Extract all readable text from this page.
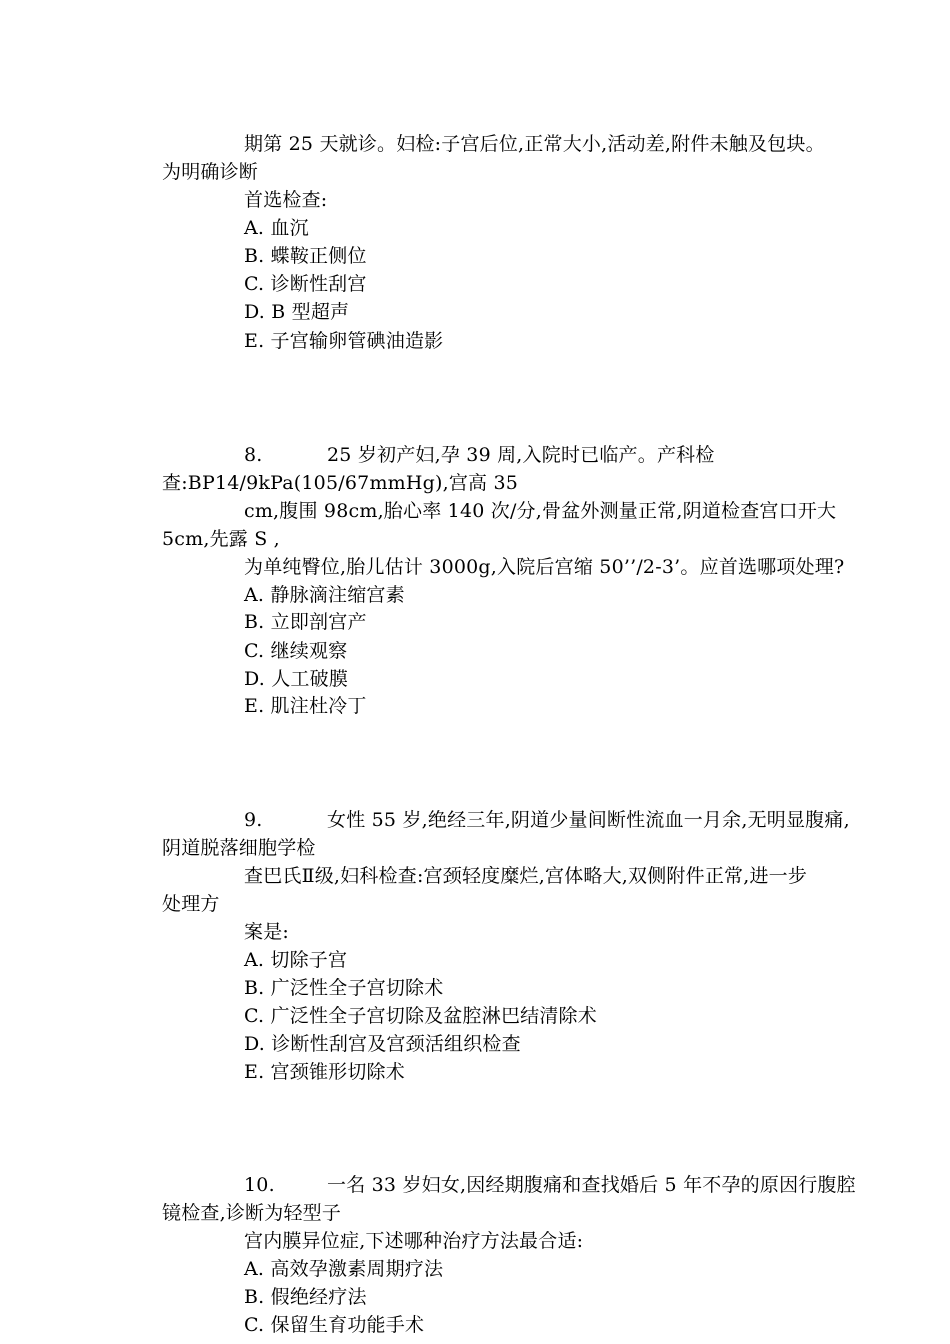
期第 25 天就诊。妇检:子宫后位,正常大小,活动差,附件未触及包块。
为明确诊断
首选检查:
A. 血沉
B. 蝶鞍正侧位
C. 诊断性刮宫
D. B 型超声
E. 子宫输卵管碘油造影
8.	25 岁初产妇,孕 39 周,入院时已临产。产科检
查:BP14/9kPa(105/67mmHg),宫高 35
cm,腹围 98cm,胎心率 140 次/分,骨盆外测量正常,阴道检查宫口开大
5cm,先露 S ,
为单纯臀位,胎儿估计 3000g,入院后宫缩 50’’/2-3’。应首选哪项处理?
A. 静脉滴注缩宫素
B. 立即剖宫产
C. 继续观察
D. 人工破膜
E. 肌注杜冷丁
9.	女性 55 岁,绝经三年,阴道少量间断性流血一月余,无明显腹痛,
阴道脱落细胞学检
查巴氏Ⅱ级,妇科检查:宫颈轻度糜烂,宫体略大,双侧附件正常,进一步
处理方
案是:
A. 切除子宫
B. 广泛性全子宫切除术
C. 广泛性全子宫切除及盆腔淋巴结清除术
D. 诊断性刮宫及宫颈活组织检查
E. 宫颈锥形切除术
10.	一名 33 岁妇女,因经期腹痛和查找婚后 5 年不孕的原因行腹腔
镜检查,诊断为轻型子
宫内膜异位症,下述哪种治疗方法最合适:
A. 高效孕激素周期疗法
B. 假绝经疗法
C. 保留生育功能手术
